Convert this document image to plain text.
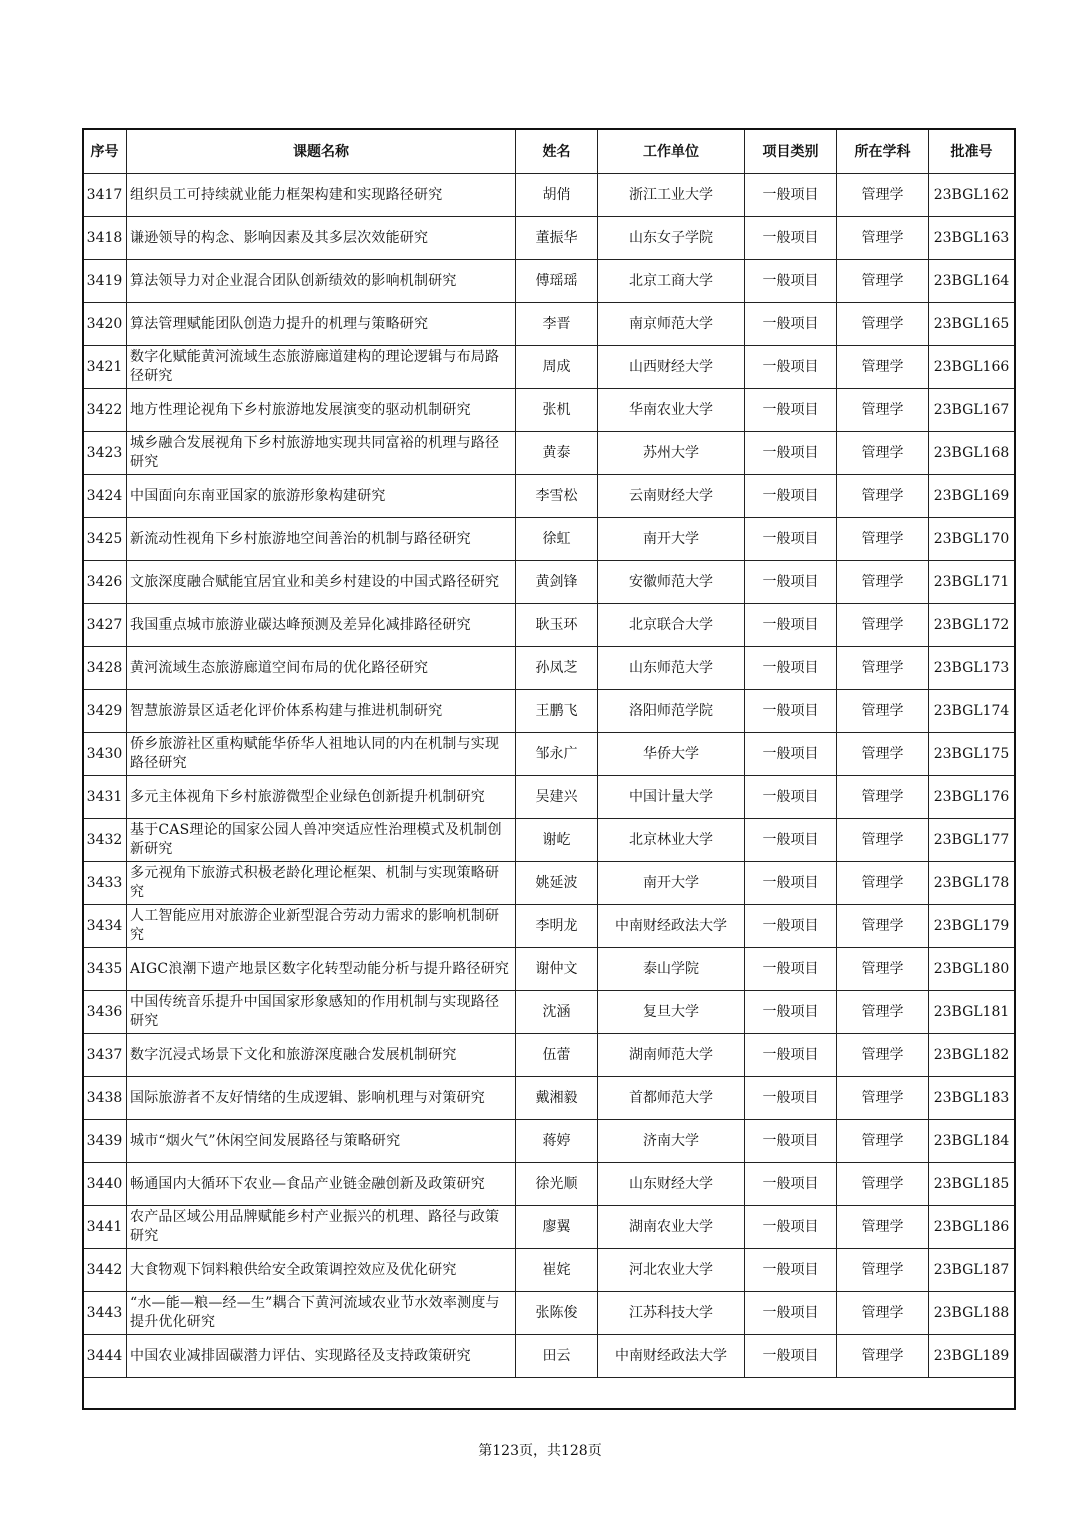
序号	课题名称	姓名	工作单位	项目类别	所在学科	批准号
3417	组织员工可持续就业能力框架构建和实现路径研究	胡俏	浙江工业大学	一般项目	管理学	23BGL162
3418	谦逊领导的构念、影响因素及其多层次效能研究	董振华	山东女子学院	一般项目	管理学	23BGL163
3419	算法领导力对企业混合团队创新绩效的影响机制研究	傅瑶瑶	北京工商大学	一般项目	管理学	23BGL164
3420	算法管理赋能团队创造力提升的机理与策略研究	李晋	南京师范大学	一般项目	管理学	23BGL165
3421	数字化赋能黄河流域生态旅游廊道建构的理论逻辑与布局路径研究	周成	山西财经大学	一般项目	管理学	23BGL166
3422	地方性理论视角下乡村旅游地发展演变的驱动机制研究	张机	华南农业大学	一般项目	管理学	23BGL167
3423	城乡融合发展视角下乡村旅游地实现共同富裕的机理与路径研究	黄泰	苏州大学	一般项目	管理学	23BGL168
3424	中国面向东南亚国家的旅游形象构建研究	李雪松	云南财经大学	一般项目	管理学	23BGL169
3425	新流动性视角下乡村旅游地空间善治的机制与路径研究	徐虹	南开大学	一般项目	管理学	23BGL170
3426	文旅深度融合赋能宜居宜业和美乡村建设的中国式路径研究	黄剑锋	安徽师范大学	一般项目	管理学	23BGL171
3427	我国重点城市旅游业碳达峰预测及差异化减排路径研究	耿玉环	北京联合大学	一般项目	管理学	23BGL172
3428	黄河流域生态旅游廊道空间布局的优化路径研究	孙凤芝	山东师范大学	一般项目	管理学	23BGL173
3429	智慧旅游景区适老化评价体系构建与推进机制研究	王鹏飞	洛阳师范学院	一般项目	管理学	23BGL174
3430	侨乡旅游社区重构赋能华侨华人祖地认同的内在机制与实现路径研究	邹永广	华侨大学	一般项目	管理学	23BGL175
3431	多元主体视角下乡村旅游微型企业绿色创新提升机制研究	吴建兴	中国计量大学	一般项目	管理学	23BGL176
3432	基于CAS理论的国家公园人兽冲突适应性治理模式及机制创新研究	谢屹	北京林业大学	一般项目	管理学	23BGL177
3433	多元视角下旅游式积极老龄化理论框架、机制与实现策略研究	姚延波	南开大学	一般项目	管理学	23BGL178
3434	人工智能应用对旅游企业新型混合劳动力需求的影响机制研究	李明龙	中南财经政法大学	一般项目	管理学	23BGL179
3435	AIGC浪潮下遗产地景区数字化转型动能分析与提升路径研究	谢仲文	泰山学院	一般项目	管理学	23BGL180
3436	中国传统音乐提升中国国家形象感知的作用机制与实现路径研究	沈涵	复旦大学	一般项目	管理学	23BGL181
3437	数字沉浸式场景下文化和旅游深度融合发展机制研究	伍蕾	湖南师范大学	一般项目	管理学	23BGL182
3438	国际旅游者不友好情绪的生成逻辑、影响机理与对策研究	戴湘毅	首都师范大学	一般项目	管理学	23BGL183
3439	城市“烟火气”休闲空间发展路径与策略研究	蒋婷	济南大学	一般项目	管理学	23BGL184
3440	畅通国内大循环下农业—食品产业链金融创新及政策研究	徐光顺	山东财经大学	一般项目	管理学	23BGL185
3441	农产品区域公用品牌赋能乡村产业振兴的机理、路径与政策研究	廖翼	湖南农业大学	一般项目	管理学	23BGL186
3442	大食物观下饲料粮供给安全政策调控效应及优化研究	崔姹	河北农业大学	一般项目	管理学	23BGL187
3443	“水—能—粮—经—生”耦合下黄河流域农业节水效率测度与提升优化研究	张陈俊	江苏科技大学	一般项目	管理学	23BGL188
3444	中国农业减排固碳潜力评估、实现路径及支持政策研究	田云	中南财经政法大学	一般项目	管理学	23BGL189
第123页，共128页
